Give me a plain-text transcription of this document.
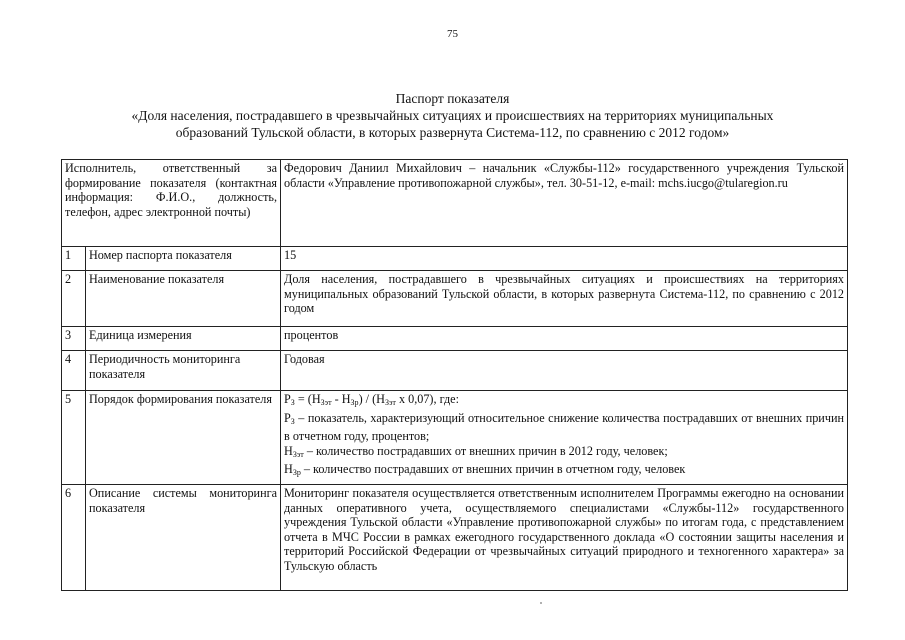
75
Паспорт показателя
«Доля населения, пострадавшего в чрезвычайных ситуациях и происшествиях на территориях муниципальных
образований Тульской области, в которых развернута Система-112, по сравнению с 2012 годом»
Исполнитель, ответственный за формирование показателя (контактная информация: Ф.И.О., должность, телефон, адрес электронной почты)		Федорович Даниил Михайлович – начальник «Службы-112» государственного учреждения Тульской области «Управление противопожарной службы», тел. 30-51-12, e-mail: mchs.iucgo@tularegion.ru
1	Номер паспорта показателя	15
2	Наименование показателя	Доля населения, пострадавшего в чрезвычайных ситуациях и происшествиях на территориях муниципальных образований Тульской области, в которых развернута Система-112, по сравнению с 2012 годом
3	Единица измерения	процентов
4	Периодичность мониторинга показателя	Годовая
5	Порядок формирования показателя	$Р_З = (Н_{Зэт} - Н_{Зр}) / (Н_{Зэт}$ х 0,07), где:
$Р_З$ – показатель, характеризующий относительное снижение количества пострадавших от внешних причин в отчетном году, процентов;
$Н_{Зэт}$ – количество пострадавших от внешних причин в 2012 году, человек;
$Н_{Зр}$ – количество пострадавших от внешних причин в отчетном году, человек

6	Описание системы мониторинга показателя	Мониторинг показателя осуществляется ответственным исполнителем Программы ежегодно на основании данных оперативного учета, осуществляемого специалистами «Службы-112» государственного учреждения Тульской области «Управление противопожарной службы» по итогам года, с представлением отчета в МЧС России в рамках ежегодного государственного доклада «О состоянии защиты населения и территорий Российской Федерации от чрезвычайных ситуаций природного и техногенного характера» за Тульскую область
